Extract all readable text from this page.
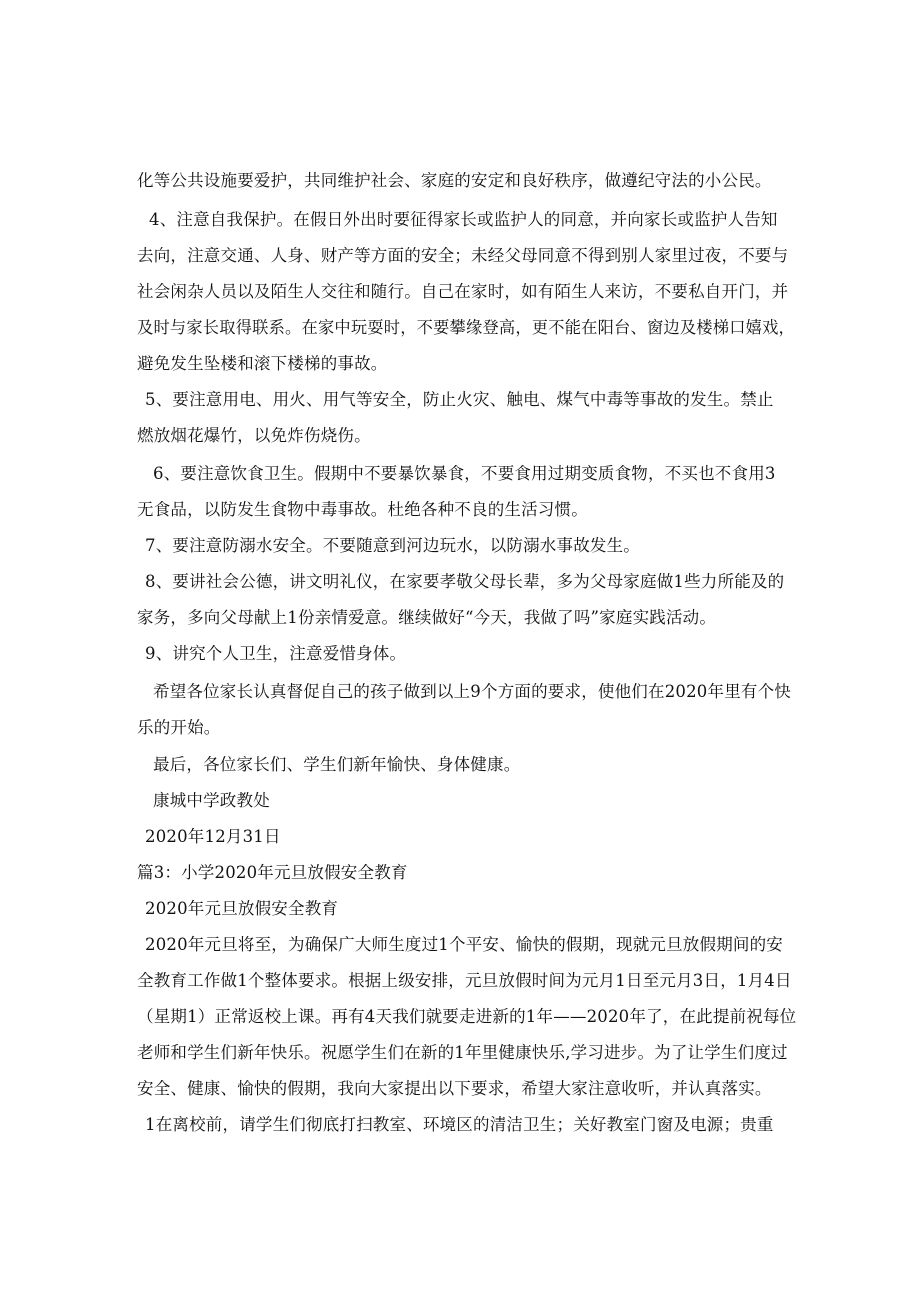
化等公共设施要爱护，共同维护社会、家庭的安定和良好秩序，做遵纪守法的小公民。
4、注意自我保护。在假日外出时要征得家长或监护人的同意，并向家长或监护人告知
去向，注意交通、人身、财产等方面的安全；未经父母同意不得到别人家里过夜，不要与
社会闲杂人员以及陌生人交往和随行。自己在家时，如有陌生人来访，不要私自开门，并
及时与家长取得联系。在家中玩耍时，不要攀缘登高，更不能在阳台、窗边及楼梯口嬉戏，
避免发生坠楼和滚下楼梯的事故。
5、要注意用电、用火、用气等安全，防止火灾、触电、煤气中毒等事故的发生。禁止
燃放烟花爆竹，以免炸伤烧伤。
6、要注意饮食卫生。假期中不要暴饮暴食，不要食用过期变质食物，不买也不食用3
无食品，以防发生食物中毒事故。杜绝各种不良的生活习惯。
7、要注意防溺水安全。不要随意到河边玩水，以防溺水事故发生。
8、要讲社会公德，讲文明礼仪，在家要孝敬父母长辈，多为父母家庭做1些力所能及的
家务，多向父母献上1份亲情爱意。继续做好“今天，我做了吗”家庭实践活动。
9、讲究个人卫生，注意爱惜身体。
希望各位家长认真督促自己的孩子做到以上9个方面的要求，使他们在2020年里有个快
乐的开始。
最后，各位家长们、学生们新年愉快、身体健康。
康城中学政教处
2020年12月31日
篇3：小学2020年元旦放假安全教育
2020年元旦放假安全教育
2020年元旦将至，为确保广大师生度过1个平安、愉快的假期，现就元旦放假期间的安
全教育工作做1个整体要求。根据上级安排，元旦放假时间为元月1日至元月3日，1月4日
（星期1）正常返校上课。再有4天我们就要走进新的1年——2020年了，在此提前祝每位
老师和学生们新年快乐。祝愿学生们在新的1年里健康快乐,学习进步。为了让学生们度过
安全、健康、愉快的假期，我向大家提出以下要求，希望大家注意收听，并认真落实。
1在离校前，请学生们彻底打扫教室、环境区的清洁卫生；关好教室门窗及电源；贵重
